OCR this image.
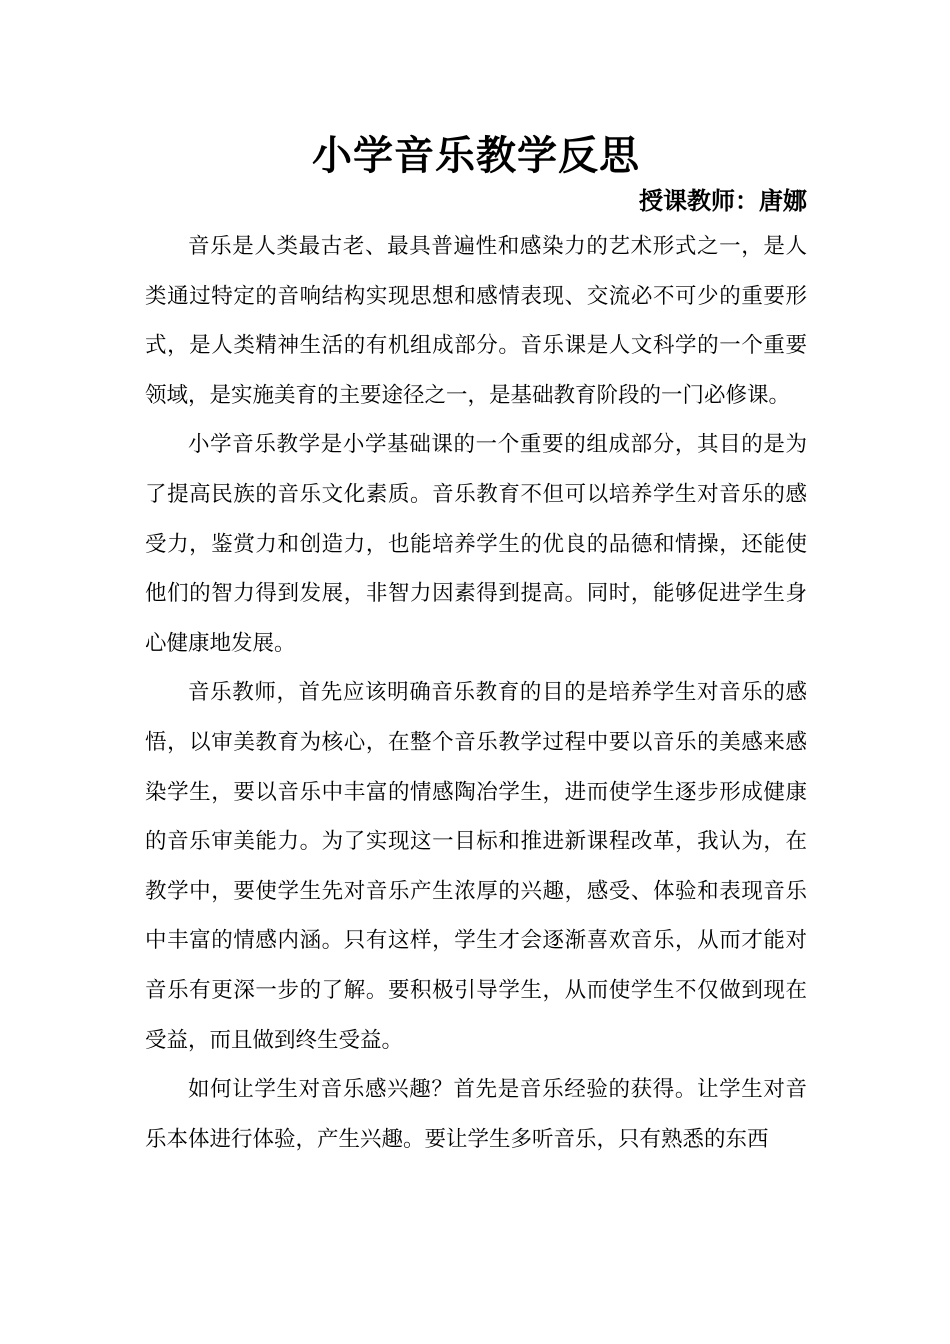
小学音乐教学反思

授课教师：唐娜

音乐是人类最古老、最具普遍性和感染力的艺术形式之一，是人类通过特定的音响结构实现思想和感情表现、交流必不可少的重要形式，是人类精神生活的有机组成部分。音乐课是人文科学的一个重要领域，是实施美育的主要途径之一，是基础教育阶段的一门必修课。

小学音乐教学是小学基础课的一个重要的组成部分，其目的是为了提高民族的音乐文化素质。音乐教育不但可以培养学生对音乐的感受力，鉴赏力和创造力，也能培养学生的优良的品德和情操，还能使他们的智力得到发展，非智力因素得到提高。同时，能够促进学生身心健康地发展。

音乐教师，首先应该明确音乐教育的目的是培养学生对音乐的感悟，以审美教育为核心，在整个音乐教学过程中要以音乐的美感来感染学生，要以音乐中丰富的情感陶冶学生，进而使学生逐步形成健康的音乐审美能力。为了实现这一目标和推进新课程改革，我认为，在教学中，要使学生先对音乐产生浓厚的兴趣，感受、体验和表现音乐中丰富的情感内涵。只有这样，学生才会逐渐喜欢音乐，从而才能对音乐有更深一步的了解。要积极引导学生，从而使学生不仅做到现在受益，而且做到终生受益。

如何让学生对音乐感兴趣？首先是音乐经验的获得。让学生对音乐本体进行体验，产生兴趣。要让学生多听音乐，只有熟悉的东西
